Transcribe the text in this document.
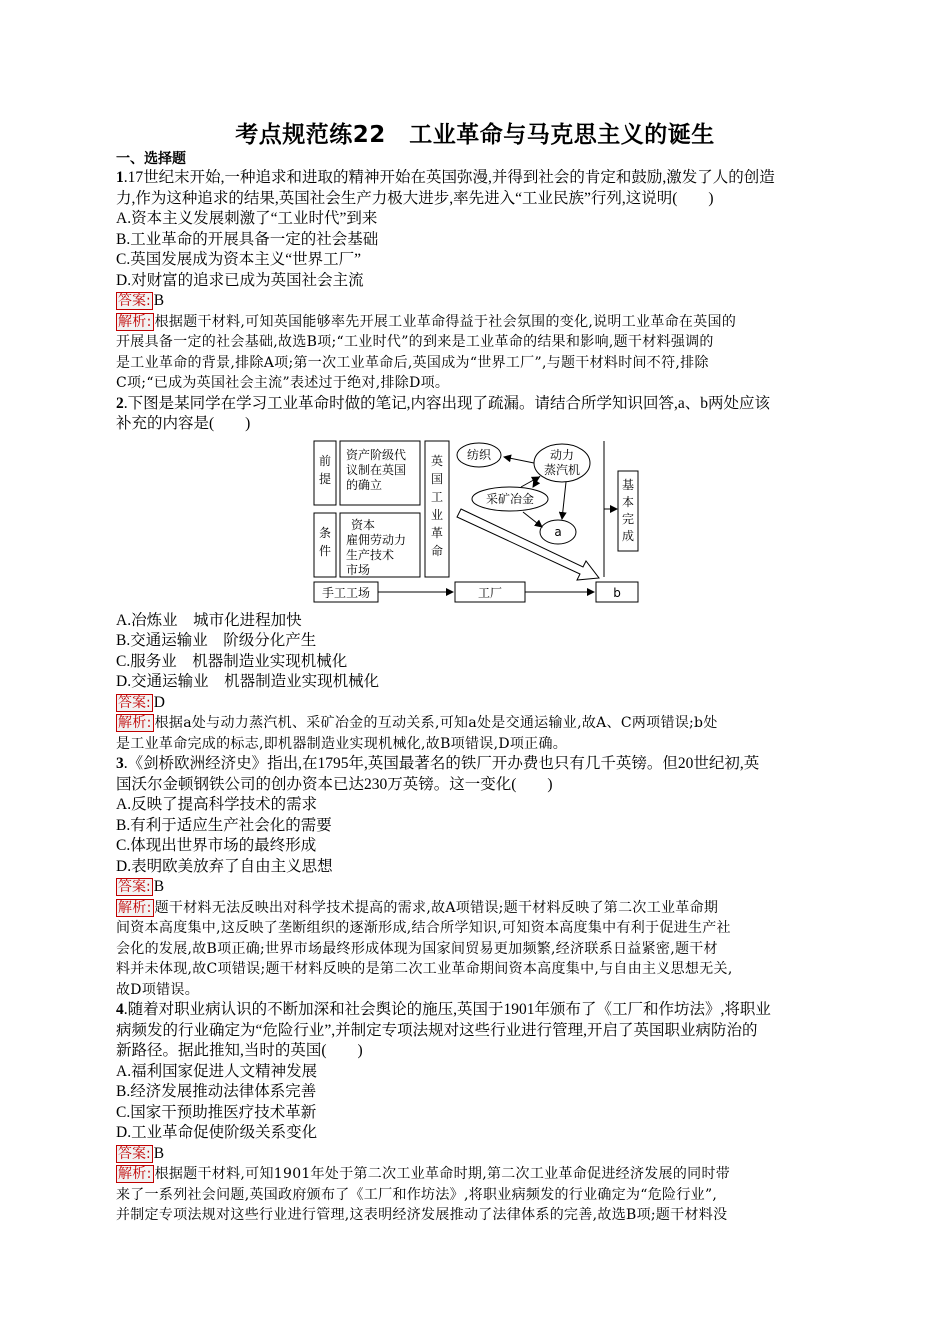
考点规范练22　工业革命与马克思主义的诞生
一、选择题
1.17世纪末开始,一种追求和进取的精神开始在英国弥漫,并得到社会的肯定和鼓励,激发了人的创造
力,作为这种追求的结果,英国社会生产力极大进步,率先进入“工业民族”行列,这说明(　　)
A.资本主义发展刺激了“工业时代”到来
B.工业革命的开展具备一定的社会基础
C.英国发展成为资本主义“世界工厂”
D.对财富的追求已成为英国社会主流
答案: B
解析: 根据题干材料,可知英国能够率先开展工业革命得益于社会氛围的变化,说明工业革命在英国的
开展具备一定的社会基础,故选B项;“工业时代”的到来是工业革命的结果和影响,题干材料强调的
是工业革命的背景,排除A项;第一次工业革命后,英国成为“世界工厂”,与题干材料时间不符,排除
C项;“已成为英国社会主流”表述过于绝对,排除D项。
2.下图是某同学在学习工业革命时做的笔记,内容出现了疏漏。请结合所学知识回答,a、b两处应该
补充的内容是(　　)
前
提
条
件
资产阶级代
议制在英国
的确立
资本
雇佣劳动力
生产技术
市场
英
国
工
业
革
命
纺织	动力
蒸汽机
采矿冶金
a
基
本
完
成
手工工场	工厂	b
A.冶炼业　城市化进程加快
B.交通运输业　阶级分化产生
C.服务业　机器制造业实现机械化
D.交通运输业　机器制造业实现机械化
答案: D
解析: 根据a处与动力蒸汽机、采矿冶金的互动关系,可知a处是交通运输业,故A、C两项错误;b处
是工业革命完成的标志,即机器制造业实现机械化,故B项错误,D项正确。
3.《剑桥欧洲经济史》指出,在1795年,英国最著名的铁厂开办费也只有几千英镑。但20世纪初,英
国沃尔金顿钢铁公司的创办资本已达230万英镑。这一变化(　　)
A.反映了提高科学技术的需求
B.有利于适应生产社会化的需要
C.体现出世界市场的最终形成
D.表明欧美放弃了自由主义思想
答案: B
解析: 题干材料无法反映出对科学技术提高的需求,故A项错误;题干材料反映了第二次工业革命期
间资本高度集中,这反映了垄断组织的逐渐形成,结合所学知识,可知资本高度集中有利于促进生产社
会化的发展,故B项正确;世界市场最终形成体现为国家间贸易更加频繁,经济联系日益紧密,题干材
料并未体现,故C项错误;题干材料反映的是第二次工业革命期间资本高度集中,与自由主义思想无关,
故D项错误。
4.随着对职业病认识的不断加深和社会舆论的施压,英国于1901年颁布了《工厂和作坊法》,将职业
病频发的行业确定为“危险行业”,并制定专项法规对这些行业进行管理,开启了英国职业病防治的
新路径。据此推知,当时的英国(　　)
A.福利国家促进人文精神发展
B.经济发展推动法律体系完善
C.国家干预助推医疗技术革新
D.工业革命促使阶级关系变化
答案: B
解析: 根据题干材料,可知1901年处于第二次工业革命时期,第二次工业革命促进经济发展的同时带
来了一系列社会问题,英国政府颁布了《工厂和作坊法》,将职业病频发的行业确定为“危险行业”,
并制定专项法规对这些行业进行管理,这表明经济发展推动了法律体系的完善,故选B项;题干材料没
